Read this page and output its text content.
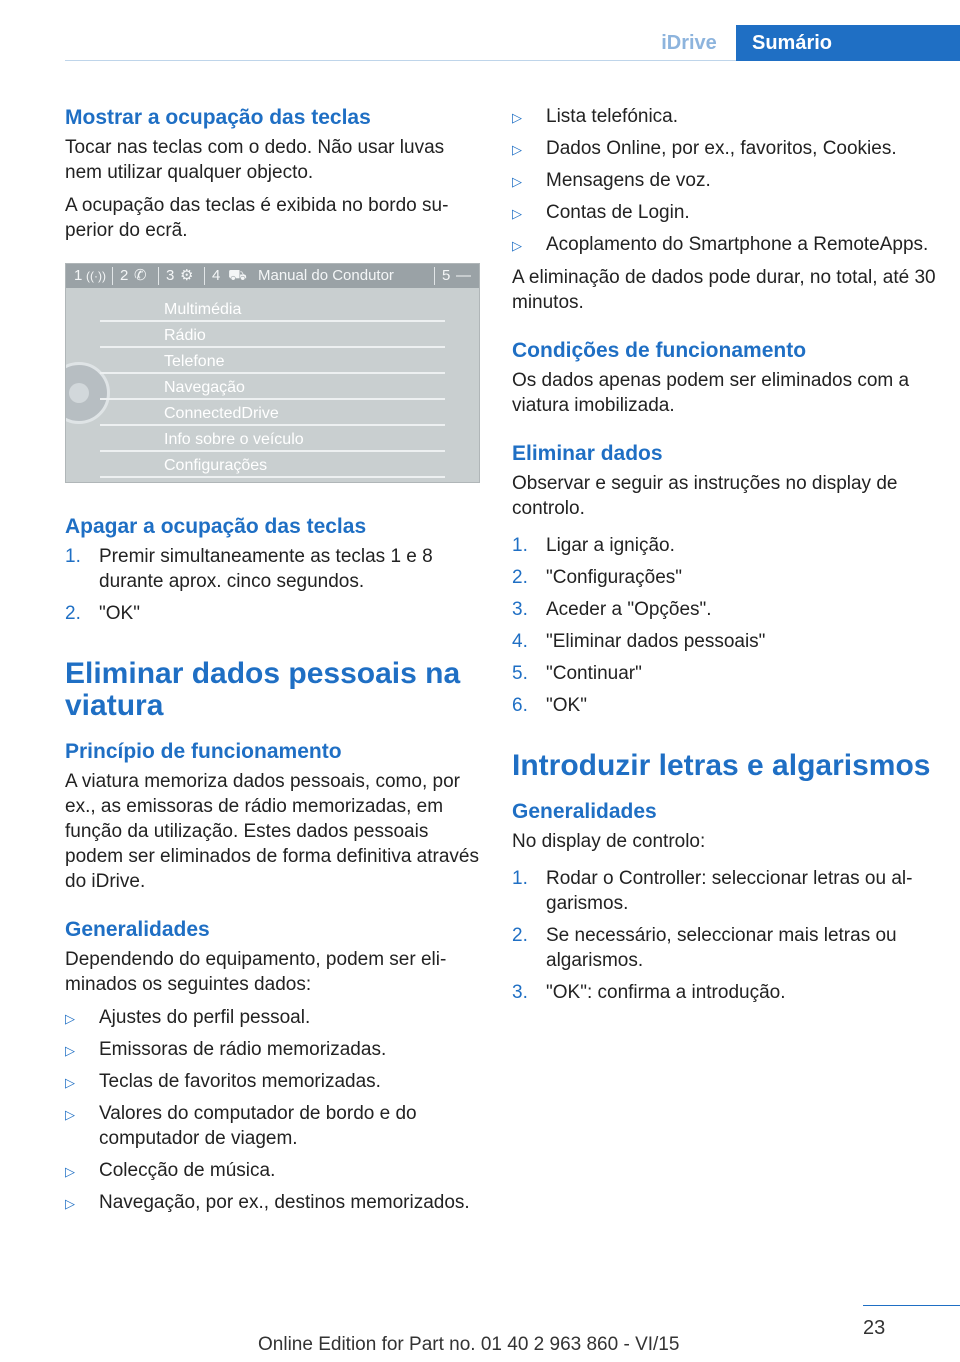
iDrive	Sumário
Mostrar a ocupação das teclas

Tocar nas teclas com o dedo. Não usar luvas nem utilizar qualquer objecto.

A ocupação das teclas é exibida no bordo superior do ecrã.

1 ((·)) 2 ✆ 3 ⚙ 4 ⛟ Manual do Condutor	5 —
Multimédia
Rádio
Telefone
Navegação
ConnectedDrive
Info sobre o veículo
Configurações
Apagar a ocupação das teclas
1. Premir simultaneamente as teclas 1 e 8 durante aprox. cinco segundos.
2. "OK"
Eliminar dados pessoais na viatura
Princípio de funcionamento

A viatura memoriza dados pessoais, como, por ex., as emissoras de rádio memorizadas, em função da utilização. Estes dados pessoais podem ser eliminados de forma definitiva através do iDrive.

Generalidades

Dependendo do equipamento, podem ser eliminados os seguintes dados:

▷ Ajustes do perfil pessoal.
▷ Emissoras de rádio memorizadas.
▷ Teclas de favoritos memorizadas.
▷ Valores do computador de bordo e do computador de viagem.
▷ Colecção de música.
▷ Navegação, por ex., destinos memorizados.
▷ Lista telefónica.
▷ Dados Online, por ex., favoritos, Cookies.
▷ Mensagens de voz.
▷ Contas de Login.
▷ Acoplamento do Smartphone a RemoteApps.

A eliminação de dados pode durar, no total, até 30 minutos.

Condições de funcionamento

Os dados apenas podem ser eliminados com a viatura imobilizada.

Eliminar dados

Observar e seguir as instruções no display de controlo.

1. Ligar a ignição.
2. "Configurações"
3. Aceder a "Opções".
4. "Eliminar dados pessoais"
5. "Continuar"
6. "OK"
Introduzir letras e algarismos
Generalidades

No display de controlo:

1. Rodar o Controller: seleccionar letras ou algarismos.
2. Se necessário, seleccionar mais letras ou algarismos.
3. "OK": confirma a introdução.
23
Online Edition for Part no. 01 40 2 963 860 - VI/15
